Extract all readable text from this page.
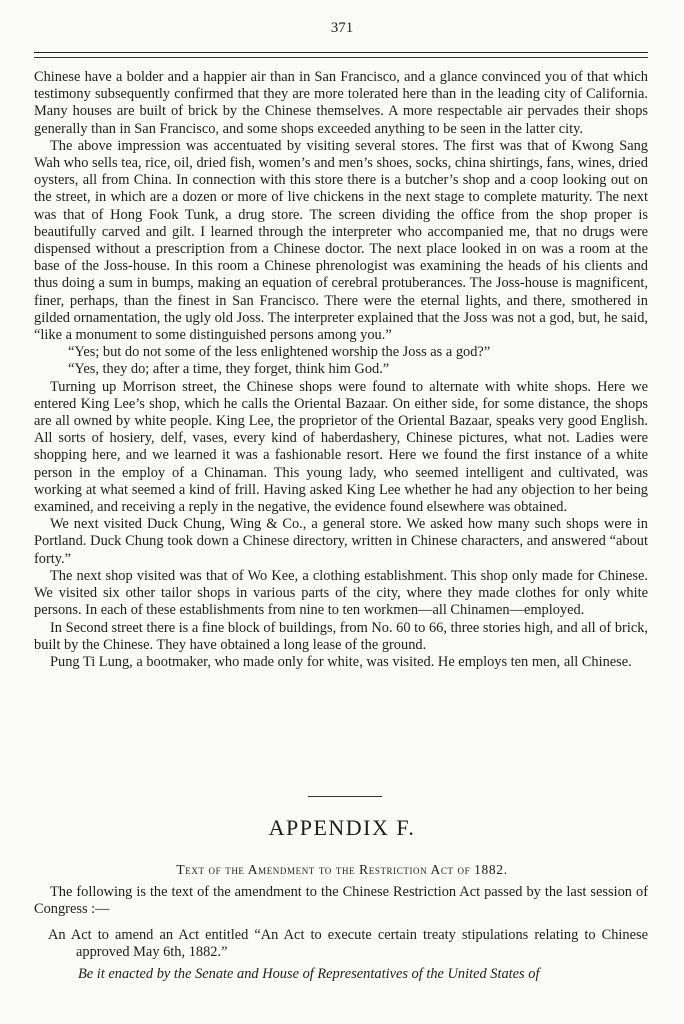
371

Chinese have a bolder and a happier air than in San Francisco, and a glance convinced you of that which testimony subsequently confirmed that they are more tolerated here than in the leading city of California. Many houses are built of brick by the Chinese themselves. A more respectable air pervades their shops generally than in San Francisco, and some shops exceeded anything to be seen in the latter city.

The above impression was accentuated by visiting several stores. The first was that of Kwong Sang Wah who sells tea, rice, oil, dried fish, women’s and men’s shoes, socks, china shirtings, fans, wines, dried oysters, all from China. In connection with this store there is a butcher’s shop and a coop looking out on the street, in which are a dozen or more of live chickens in the next stage to complete maturity. The next was that of Hong Fook Tunk, a drug store. The screen dividing the office from the shop proper is beautifully carved and gilt. I learned through the interpreter who accompanied me, that no drugs were dispensed without a prescription from a Chinese doctor. The next place looked in on was a room at the base of the Joss-house. In this room a Chinese phrenologist was examining the heads of his clients and thus doing a sum in bumps, making an equation of cerebral protuberances. The Joss-house is magnificent, finer, perhaps, than the finest in San Francisco. There were the eternal lights, and there, smothered in gilded ornamentation, the ugly old Joss. The interpreter explained that the Joss was not a god, but, he said, “like a monument to some distinguished persons among you.”

“Yes; but do not some of the less enlightened worship the Joss as a god?”

“Yes, they do; after a time, they forget, think him God.”

Turning up Morrison street, the Chinese shops were found to alternate with white shops. Here we entered King Lee’s shop, which he calls the Oriental Bazaar. On either side, for some distance, the shops are all owned by white people. King Lee, the proprietor of the Oriental Bazaar, speaks very good English. All sorts of hosiery, delf, vases, every kind of haberdashery, Chinese pictures, what not. Ladies were shopping here, and we learned it was a fashionable resort. Here we found the first instance of a white person in the employ of a Chinaman. This young lady, who seemed intelligent and cultivated, was working at what seemed a kind of frill. Having asked King Lee whether he had any objection to her being examined, and receiving a reply in the negative, the evidence found elsewhere was obtained.

We next visited Duck Chung, Wing & Co., a general store. We asked how many such shops were in Portland. Duck Chung took down a Chinese directory, written in Chinese characters, and answered “about forty.”

The next shop visited was that of Wo Kee, a clothing establishment. This shop only made for Chinese. We visited six other tailor shops in various parts of the city, where they made clothes for only white persons. In each of these establishments from nine to ten workmen—all Chinamen—employed.

In Second street there is a fine block of buildings, from No. 60 to 66, three stories high, and all of brick, built by the Chinese. They have obtained a long lease of the ground.

Pung Ti Lung, a bootmaker, who made only for white, was visited. He employs ten men, all Chinese.

APPENDIX F.
Text of the Amendment to the Restriction Act of 1882.

The following is the text of the amendment to the Chinese Restriction Act passed by the last session of Congress :—

An Act to amend an Act entitled “An Act to execute certain treaty stipulations relating to Chinese approved May 6th, 1882.”

Be it enacted by the Senate and House of Representatives of the United States of
